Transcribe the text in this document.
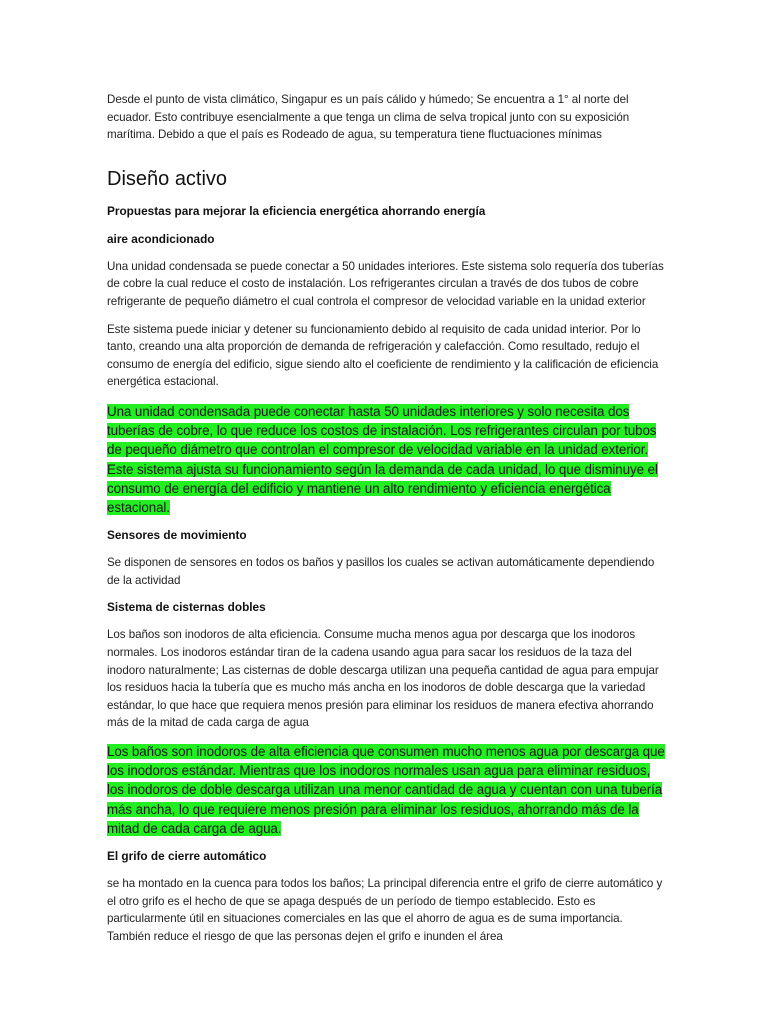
Desde el punto de vista climático, Singapur es un país cálido y húmedo; Se encuentra a 1° al norte del ecuador. Esto contribuye esencialmente a que tenga un clima de selva tropical junto con su exposición marítima. Debido a que el país es Rodeado de agua, su temperatura tiene fluctuaciones mínimas

Diseño activo
Propuestas para mejorar la eficiencia energética ahorrando energía
aire acondicionado

Una unidad condensada se puede conectar a 50 unidades interiores. Este sistema solo requería dos tuberías de cobre la cual reduce el costo de instalación. Los refrigerantes circulan a través de dos tubos de cobre refrigerante de pequeño diámetro el cual controla el compresor de velocidad variable en la unidad exterior

Este sistema puede iniciar y detener su funcionamiento debido al requisito de cada unidad interior. Por lo tanto, creando una alta proporción de demanda de refrigeración y calefacción. Como resultado, redujo el consumo de energía del edificio, sigue siendo alto el coeficiente de rendimiento y la calificación de eficiencia energética estacional.

Una unidad condensada puede conectar hasta 50 unidades interiores y solo necesita dos tuberías de cobre, lo que reduce los costos de instalación. Los refrigerantes circulan por tubos de pequeño diámetro que controlan el compresor de velocidad variable en la unidad exterior. Este sistema ajusta su funcionamiento según la demanda de cada unidad, lo que disminuye el consumo de energía del edificio y mantiene un alto rendimiento y eficiencia energética estacional.

Sensores de movimiento

Se disponen de sensores en todos os baños y pasillos los cuales se activan automáticamente dependiendo de la actividad

Sistema de cisternas dobles

Los baños son inodoros de alta eficiencia. Consume mucha menos agua por descarga que los inodoros normales. Los inodoros estándar tiran de la cadena usando agua para sacar los residuos de la taza del inodoro naturalmente; Las cisternas de doble descarga utilizan una pequeña cantidad de agua para empujar los residuos hacia la tubería que es mucho más ancha en los inodoros de doble descarga que la variedad estándar, lo que hace que requiera menos presión para eliminar los residuos de manera efectiva ahorrando más de la mitad de cada carga de agua

Los baños son inodoros de alta eficiencia que consumen mucho menos agua por descarga que los inodoros estándar. Mientras que los inodoros normales usan agua para eliminar residuos, los inodoros de doble descarga utilizan una menor cantidad de agua y cuentan con una tubería más ancha, lo que requiere menos presión para eliminar los residuos, ahorrando más de la mitad de cada carga de agua.

El grifo de cierre automático

se ha montado en la cuenca para todos los baños; La principal diferencia entre el grifo de cierre automático y el otro grifo es el hecho de que se apaga después de un período de tiempo establecido. Esto es particularmente útil en situaciones comerciales en las que el ahorro de agua es de suma importancia. También reduce el riesgo de que las personas dejen el grifo e inunden el área
